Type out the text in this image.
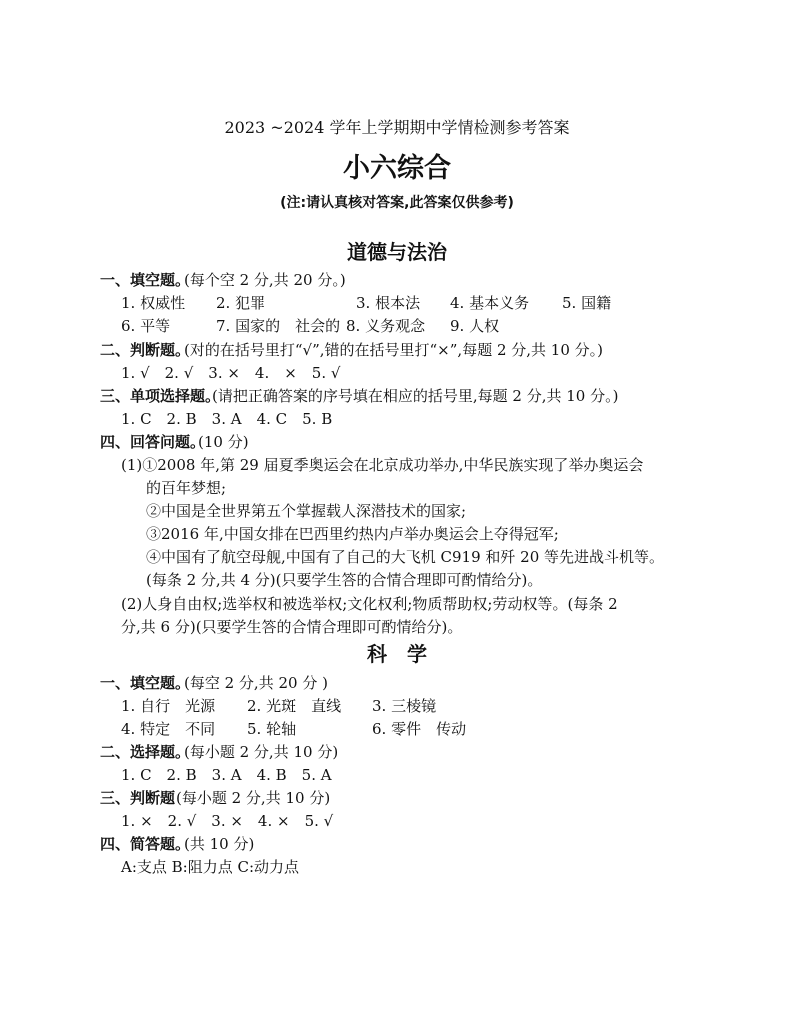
2023 ~2024 学年上学期期中学情检测参考答案
小六综合
(注:请认真核对答案,此答案仅供参考)
道德与法治
一、填空题。
(每个空 2 分,共 20 分。)
1. 权威性 2. 犯罪	3. 根本法 4. 基本义务 5. 国籍
6. 平等	7. 国家的　社会的 8. 义务观念 9. 人权
二、判断题。
(对的在括号里打“√”,错的在括号里打“×”,每题 2 分,共 10 分。)
1. √　2. √　3. ×　4.　×　5. √
三、单项选择题。
(请把正确答案的序号填在相应的括号里,每题 2 分,共 10 分。)
1. C　2. B　3. A　4. C　5. B
四、回答问题。
(10 分)
(1)①2008 年,第 29 届夏季奥运会在北京成功举办,中华民族实现了举办奥运会
的百年梦想;
②中国是全世界第五个掌握载人深潜技术的国家;
③2016 年,中国女排在巴西里约热内卢举办奥运会上夺得冠军;
④中国有了航空母舰,中国有了自己的大飞机 C919 和歼 20 等先进战斗机等。
(每条 2 分,共 4 分)(只要学生答的合情合理即可酌情给分)。
(2)人身自由权;选举权和被选举权;文化权利;物质帮助权;劳动权等。(每条 2
分,共 6 分)(只要学生答的合情合理即可酌情给分)。
科　学
一、填空题。
(每空 2 分,共 20 分 )
1. 自行　光源 2. 光斑　直线 3. 三棱镜
4. 特定　不同 5. 轮轴	6. 零件　传动
二、选择题。
(每小题 2 分,共 10 分)
1. C　2. B　3. A　4. B　5. A
三、判断题 (每小题 2 分,共 10 分)
1. ×　2. √　3. ×　4. ×　5. √
四、简答题。
(共 10 分)
A:支点 B:阻力点 C:动力点
